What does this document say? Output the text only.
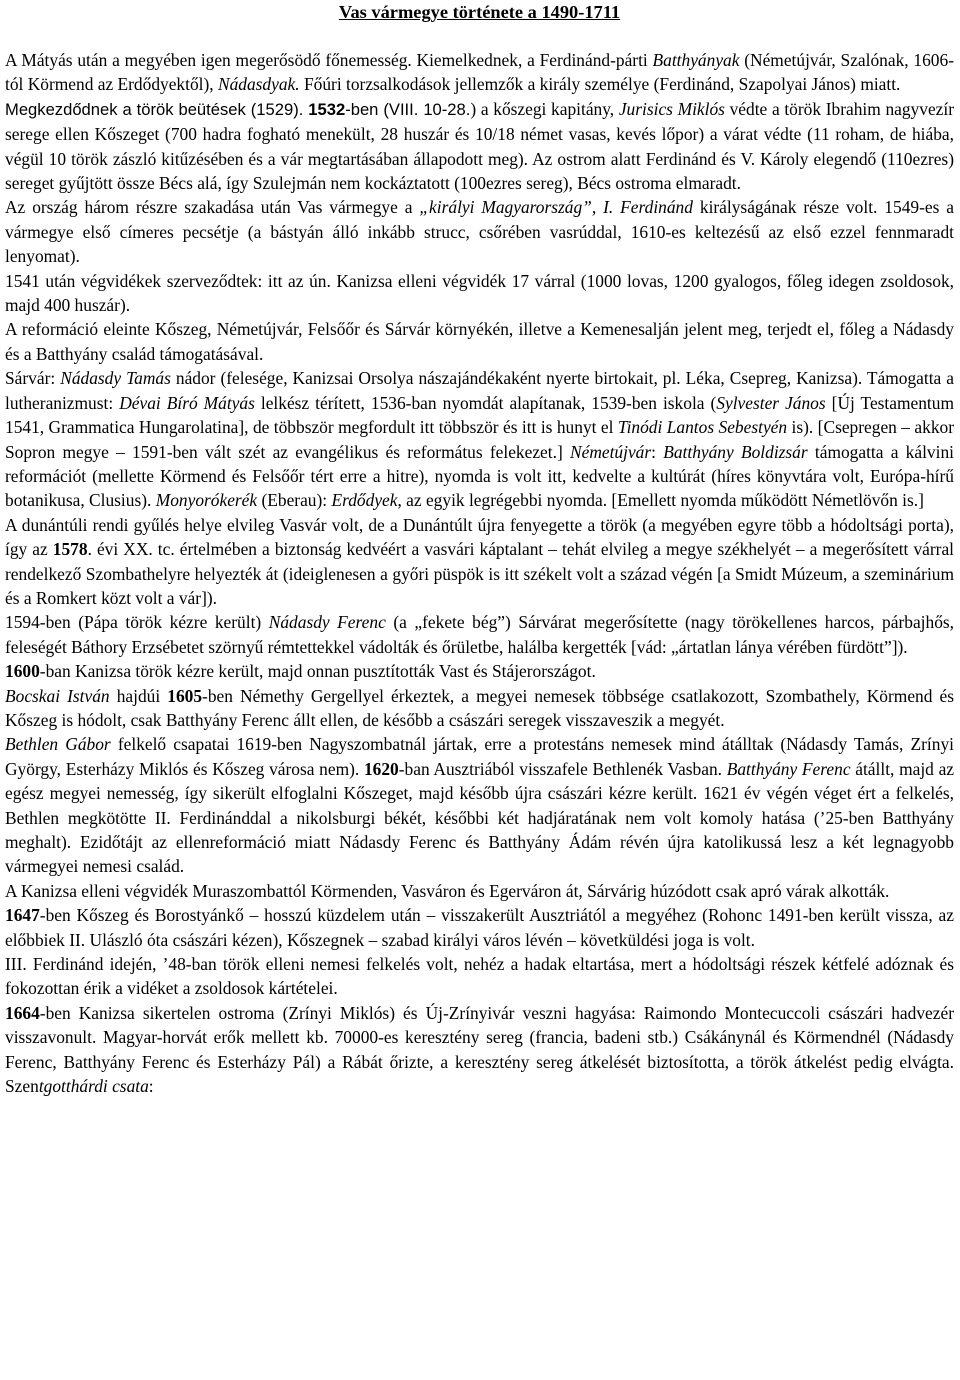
Vas vármegye története a 1490-1711

A Mátyás után a megyében igen megerősödő főnemesség. Kiemelkednek, a Ferdinánd-párti Batthyányak (Németújvár, Szalónak, 1606-tól Körmend az Erdődyektől), Nádasdyak. Főúri torzsalkodások jellemzők a király személye (Ferdinánd, Szapolyai János) miatt.

Megkezdődnek a török beütések (1529). 1532-ben (VIII. 10-28.) a kőszegi kapitány, Jurisics Miklós védte a török Ibrahim nagyvezír serege ellen Kőszeget (700 hadra fogható menekült, 28 huszár és 10/18 német vasas, kevés lőpor) a várat védte (11 roham, de hiába, végül 10 török zászló kitűzésében és a vár megtartásában állapodott meg). Az ostrom alatt Ferdinánd és V. Károly elegendő (110ezres) sereget gyűjtött össze Bécs alá, így Szulejmán nem kockáztatott (100ezres sereg), Bécs ostroma elmaradt.

Az ország három részre szakadása után Vas vármegye a „királyi Magyarország”, I. Ferdinánd királyságának része volt. 1549-es a vármegye első címeres pecsétje (a bástyán álló inkább strucc, csőrében vasrúddal, 1610-es keltezésű az első ezzel fennmaradt lenyomat).

1541 után végvidékek szerveződtek: itt az ún. Kanizsa elleni végvidék 17 várral (1000 lovas, 1200 gyalogos, főleg idegen zsoldosok, majd 400 huszár).

A reformáció eleinte Kőszeg, Németújvár, Felsőőr és Sárvár környékén, illetve a Kemenesalján jelent meg, terjedt el, főleg a Nádasdy és a Batthyány család támogatásával.

Sárvár: Nádasdy Tamás nádor (felesége, Kanizsai Orsolya nászajándékaként nyerte birtokait, pl. Léka, Csepreg, Kanizsa). Támogatta a lutheranizmust: Dévai Bíró Mátyás lelkész térített, 1536-ban nyomdát alapítanak, 1539-ben iskola (Sylvester János [Új Testamentum 1541, Grammatica Hungarolatina], de többször megfordult itt többször és itt is hunyt el Tinódi Lantos Sebestyén is). [Csepregen – akkor Sopron megye – 1591-ben vált szét az evangélikus és református felekezet.] Németújvár: Batthyány Boldizsár támogatta a kálvini reformációt (mellette Körmend és Felsőőr tért erre a hitre), nyomda is volt itt, kedvelte a kultúrát (híres könyvtára volt, Európa-hírű botanikusa, Clusius). Monyorókerék (Eberau): Erdődyek, az egyik legrégebbi nyomda. [Emellett nyomda működött Németlövőn is.]

A dunántúli rendi gyűlés helye elvileg Vasvár volt, de a Dunántúlt újra fenyegette a török (a megyében egyre több a hódoltsági porta), így az 1578. évi XX. tc. értelmében a biztonság kedvéért a vasvári káptalant – tehát elvileg a megye székhelyét – a megerősített várral rendelkező Szombathelyre helyezték át (ideiglenesen a győri püspök is itt székelt volt a század végén [a Smidt Múzeum, a szeminárium és a Romkert közt volt a vár]).

1594-ben (Pápa török kézre került) Nádasdy Ferenc (a „fekete bég”) Sárvárat megerősítette (nagy törökellenes harcos, párbajhős, feleségét Báthory Erzsébetet szörnyű rémtettekkel vádolták és őrületbe, halálba kergették [vád: „ártatlan lánya vérében fürdött”]).

1600-ban Kanizsa török kézre került, majd onnan pusztították Vast és Stájerországot.

Bocskai István hajdúi 1605-ben Némethy Gergellyel érkeztek, a megyei nemesek többsége csatlakozott, Szombathely, Körmend és Kőszeg is hódolt, csak Batthyány Ferenc állt ellen, de később a császári seregek visszaveszik a megyét.

Bethlen Gábor felkelő csapatai 1619-ben Nagyszombatnál jártak, erre a protestáns nemesek mind átálltak (Nádasdy Tamás, Zrínyi György, Esterházy Miklós és Kőszeg városa nem). 1620-ban Ausztriából visszafele Bethlenék Vasban. Batthyány Ferenc átállt, majd az egész megyei nemesség, így sikerült elfoglalni Kőszeget, majd később újra császári kézre került. 1621 év végén véget ért a felkelés, Bethlen megkötötte II. Ferdinánddal a nikolsburgi békét, későbbi két hadjáratának nem volt komoly hatása (’25-ben Batthyány meghalt). Ezidőtájt az ellenreformáció miatt Nádasdy Ferenc és Batthyány Ádám révén újra katolikussá lesz a két legnagyobb vármegyei nemesi család.

A Kanizsa elleni végvidék Muraszombattól Körmenden, Vasváron és Egerváron át, Sárvárig húzódott csak apró várak alkották.

1647-ben Kőszeg és Borostyánkő – hosszú küzdelem után – visszakerült Ausztriától a megyéhez (Rohonc 1491-ben került vissza, az előbbiek II. Ulászló óta császári kézen), Kőszegnek – szabad királyi város lévén – követküldési joga is volt.

III. Ferdinánd idején, ’48-ban török elleni nemesi felkelés volt, nehéz a hadak eltartása, mert a hódoltsági részek kétfelé adóznak és fokozottan érik a vidéket a zsoldosok kártételei.

1664-ben Kanizsa sikertelen ostroma (Zrínyi Miklós) és Új-Zrínyivár veszni hagyása: Raimondo Montecuccoli császári hadvezér visszavonult. Magyar-horvát erők mellett kb. 70000-es keresztény sereg (francia, badeni stb.) Csákánynál és Körmendnél (Nádasdy Ferenc, Batthyány Ferenc és Esterházy Pál) a Rábát őrizte, a keresztény sereg átkelését biztosította, a török átkelést pedig elvágta. Szentgotthárdi csata:
